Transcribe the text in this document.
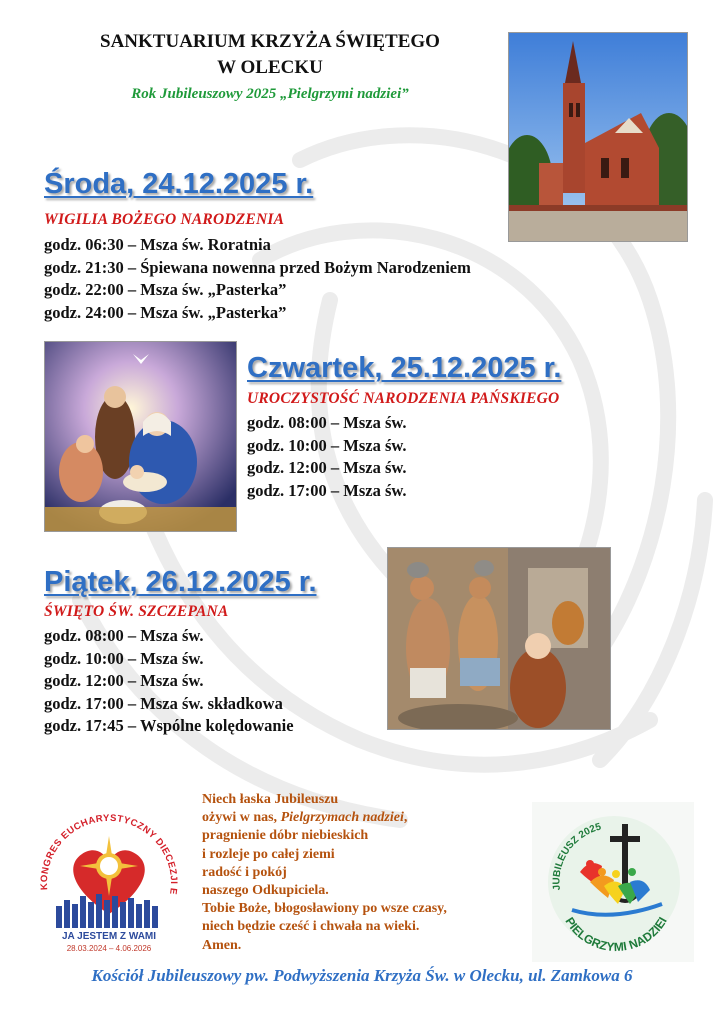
SANKTUARIUM KRZYŻA ŚWIĘTEGO
W OLECKU
Rok Jubileuszowy 2025 „Pielgrzymi nadziei”
Środa, 24.12.2025 r.
WIGILIA BOŻEGO NARODZENIA
godz. 06:30 – Msza św. Roratnia
godz. 21:30 – Śpiewana nowenna przed Bożym Narodzeniem
godz. 22:00 – Msza św. „Pasterka”
godz. 24:00 – Msza św. „Pasterka”
Czwartek, 25.12.2025 r.
UROCZYSTOŚĆ NARODZENIA PAŃSKIEGO
godz. 08:00 – Msza św.
godz. 10:00 – Msza św.
godz. 12:00 – Msza św.
godz. 17:00 – Msza św.
Piątek, 26.12.2025 r.
ŚWIĘTO ŚW. SZCZEPANA
godz. 08:00 – Msza św.
godz. 10:00 – Msza św.
godz. 12:00 – Msza św.
godz. 17:00 – Msza św. składkowa
godz. 17:45 – Wspólne kolędowanie
KONGRES EUCHARYSTYCZNY DIECEZJI E
JA JESTEM Z WAMI
28.03.2024 – 4.06.2026
Niech łaska Jubileuszu
ożywi w nas, Pielgrzymach nadziei,
pragnienie dóbr niebieskich
i rozleje po całej ziemi
radość i pokój
naszego Odkupiciela.
Tobie Boże, błogosławiony po wsze czasy,
niech będzie cześć i chwała na wieki.
Amen.
JUBILEUSZ 2025
PIELGRZYMI NADZIEI
Kościół Jubileuszowy pw. Podwyższenia Krzyża Św. w Olecku, ul. Zamkowa 6
